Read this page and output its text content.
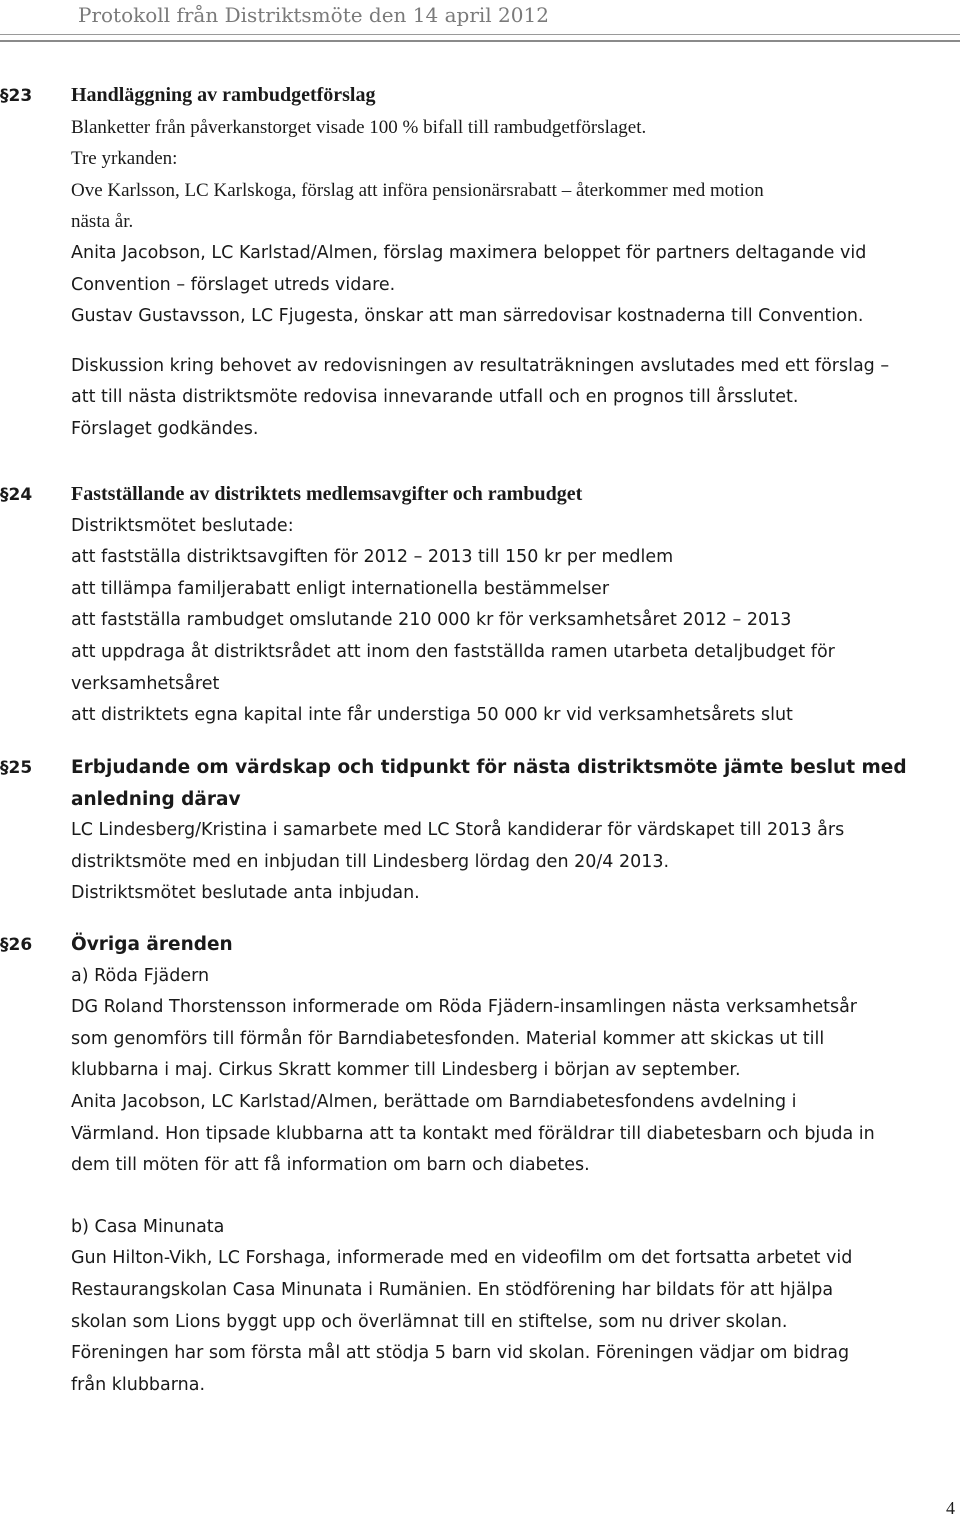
Protokoll från Distriktsmöte den 14 april 2012
§23 Handläggning av rambudgetförslag
Blanketter från påverkanstorget visade 100 % bifall till rambudgetförslaget.
Tre yrkanden:
Ove Karlsson, LC Karlskoga, förslag att införa pensionärsrabatt – återkommer med motion
nästa år.
Anita Jacobson, LC Karlstad/Almen, förslag maximera beloppet för partners deltagande vid
Convention – förslaget utreds vidare.
Gustav Gustavsson, LC Fjugesta, önskar att man särredovisar kostnaderna till Convention.
Diskussion kring behovet av redovisningen av resultaträkningen avslutades med ett förslag –
att till nästa distriktsmöte redovisa innevarande utfall och en prognos till årsslutet.
Förslaget godkändes.
§24 Fastställande av distriktets medlemsavgifter och rambudget
Distriktsmötet beslutade:
att fastställa distriktsavgiften för 2012 – 2013 till 150 kr per medlem
att tillämpa familjerabatt enligt internationella bestämmelser
att fastställa rambudget omslutande 210 000 kr för verksamhetsåret 2012 – 2013
att uppdraga åt distriktsrådet att inom den fastställda ramen utarbeta detaljbudget för
verksamhetsåret
att distriktets egna kapital inte får understiga 50 000 kr vid verksamhetsårets slut
§25 Erbjudande om värdskap och tidpunkt för nästa distriktsmöte jämte beslut med
anledning därav
LC Lindesberg/Kristina i samarbete med LC Storå kandiderar för värdskapet till 2013 års
distriktsmöte med en inbjudan till Lindesberg lördag den 20/4 2013.
Distriktsmötet beslutade anta inbjudan.
§26 Övriga ärenden
a) Röda Fjädern
DG Roland Thorstensson informerade om Röda Fjädern-insamlingen nästa verksamhetsår
som genomförs till förmån för Barndiabetesfonden. Material kommer att skickas ut till
klubbarna i maj. Cirkus Skratt kommer till Lindesberg i början av september.
Anita Jacobson, LC Karlstad/Almen, berättade om Barndiabetesfondens avdelning i
Värmland. Hon tipsade klubbarna att ta kontakt med föräldrar till diabetesbarn och bjuda in
dem till möten för att få information om barn och diabetes.
b) Casa Minunata
Gun Hilton-Vikh, LC Forshaga, informerade med en videofilm om det fortsatta arbetet vid
Restaurangskolan Casa Minunata i Rumänien. En stödförening har bildats för att hjälpa
skolan som Lions byggt upp och överlämnat till en stiftelse, som nu driver skolan.
Föreningen har som första mål att stödja 5 barn vid skolan. Föreningen vädjar om bidrag
från klubbarna.
4
